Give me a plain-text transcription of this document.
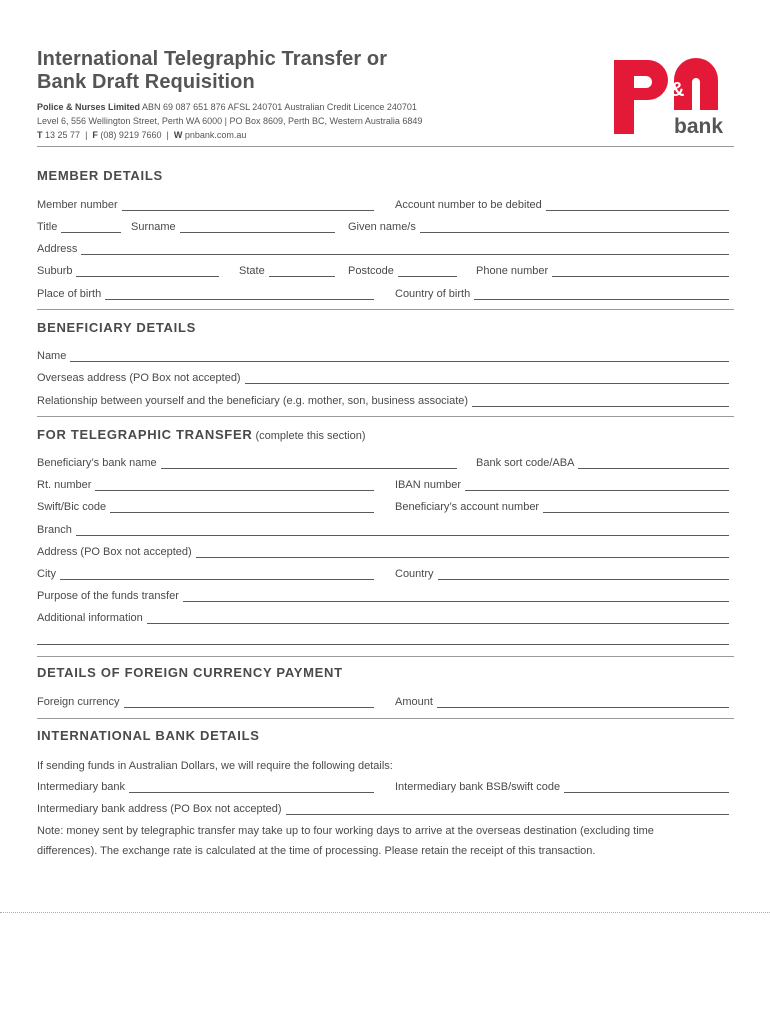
International Telegraphic Transfer or
Bank Draft Requisition
Police & Nurses Limited ABN 69 087 651 876 AFSL 240701 Australian Credit Licence 240701
Level 6, 556 Wellington Street, Perth WA 6000 | PO Box 8609, Perth BC, Western Australia 6849
T 13 25 77  |  F (08) 9219 7660  |  W pnbank.com.au
&
bank
MEMBER DETAILS
Member number	Account number to be debited
Title	Surname	Given name/s
Address
Suburb	State	Postcode	Phone number
Place of birth	Country of birth
BENEFICIARY DETAILS
Name
Overseas address (PO Box not accepted)
Relationship between yourself and the beneficiary (e.g. mother, son, business associate)
FOR TELEGRAPHIC TRANSFER (complete this section)
Beneficiary’s bank name	Bank sort code/ABA
Rt. number	IBAN number
Swift/Bic code	Beneficiary’s account number
Branch
Address (PO Box not accepted)
City	Country
Purpose of the funds transfer
Additional information
DETAILS OF FOREIGN CURRENCY PAYMENT
Foreign currency	Amount
INTERNATIONAL BANK DETAILS
If sending funds in Australian Dollars, we will require the following details:
Intermediary bank	Intermediary bank BSB/swift code
Intermediary bank address (PO Box not accepted)
Note: money sent by telegraphic transfer may take up to four working days to arrive at the overseas destination (excluding time
differences). The exchange rate is calculated at the time of processing. Please retain the receipt of this transaction.
